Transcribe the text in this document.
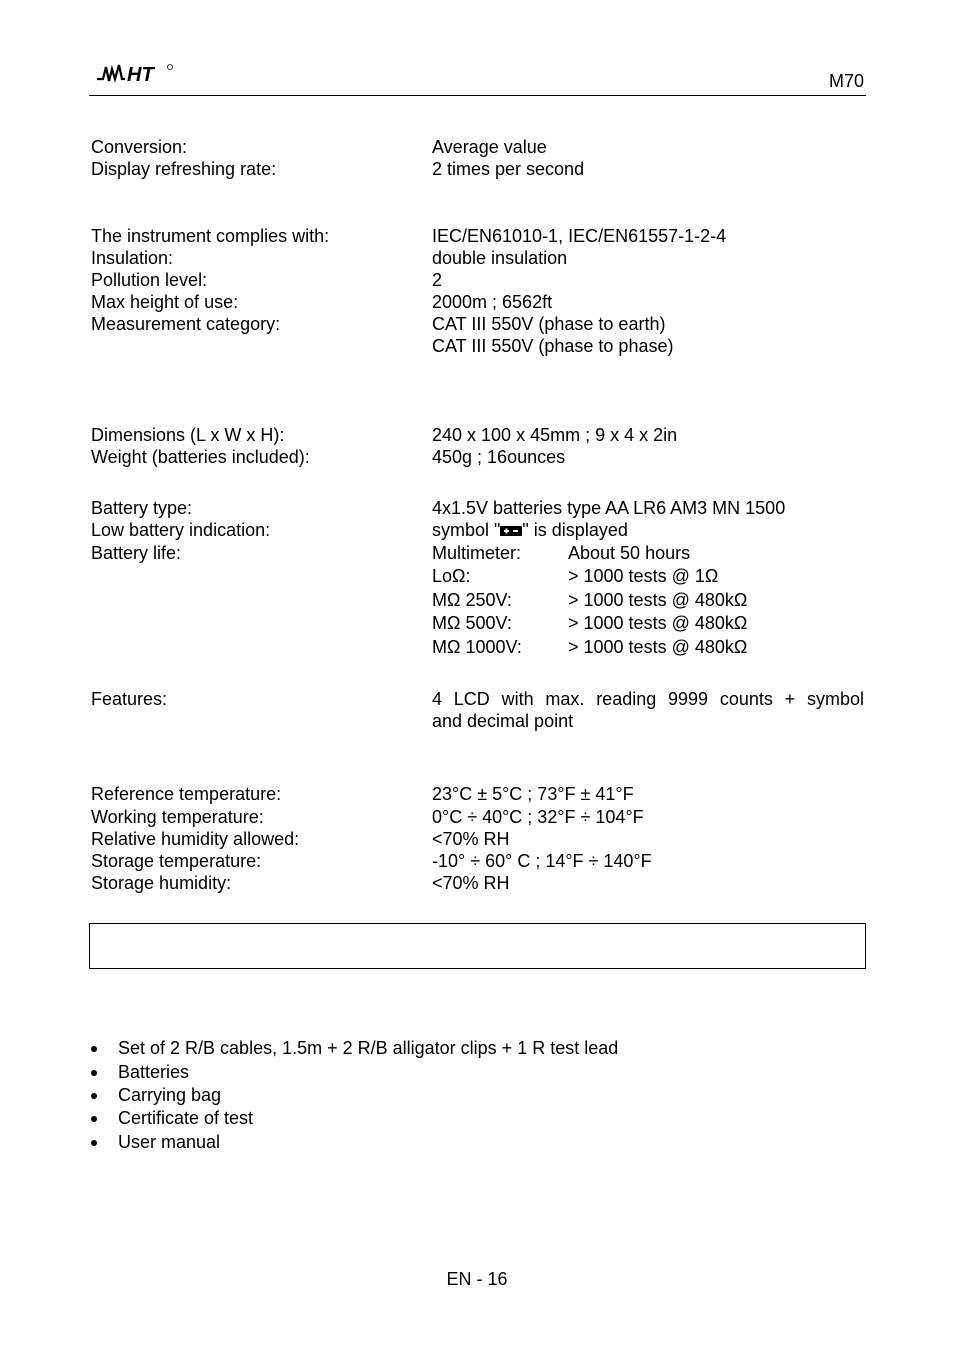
HT	M70
Conversion:	Average value
Display refreshing rate:	2 times per second
The instrument complies with:	IEC/EN61010-1, IEC/EN61557-1-2-4
Insulation:	double insulation
Pollution level:	2
Max height of use:	2000m ; 6562ft
Measurement category:	CAT III 550V (phase to earth)
CAT III 550V (phase to phase)
Dimensions (L x W x H):	240 x 100 x 45mm ; 9 x 4 x 2in
Weight (batteries included):	450g ; 16ounces
Battery type:	4x1.5V batteries type AA LR6 AM3 MN 1500
Low battery indication:	symbol " " is displayed
Battery life:	Multimeter:	About 50 hours
LoΩ:	> 1000 tests @ 1Ω
MΩ 250V:	> 1000 tests @ 480kΩ
MΩ 500V:	> 1000 tests @ 480kΩ
MΩ 1000V:	> 1000 tests @ 480kΩ
Features:	4 LCD with max. reading 9999 counts + symbol
and decimal point
Reference temperature:	23°C ± 5°C ; 73°F ± 41°F
Working temperature:	0°C ÷ 40°C ; 32°F ÷ 104°F
Relative humidity allowed:	<70% RH
Storage temperature:	-10° ÷ 60° C ; 14°F ÷ 140°F
Storage humidity:	<70% RH
Set of 2 R/B cables, 1.5m + 2 R/B alligator clips + 1 R test lead
Batteries
Carrying bag
Certificate of test
User manual
EN - 16
